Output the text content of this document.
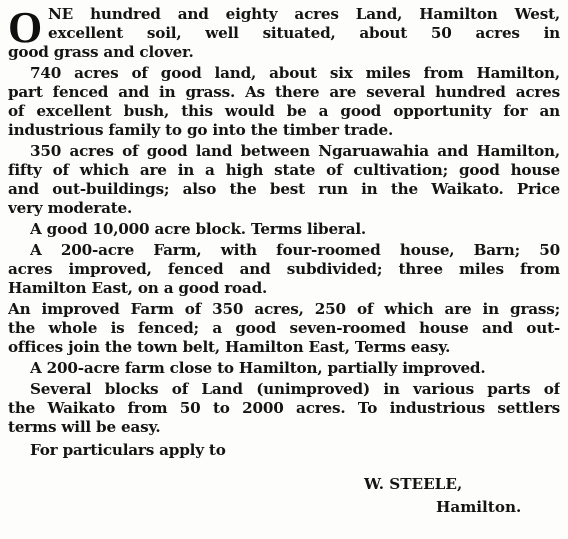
O NE hundred and eighty acres Land, Hamilton West,
excellent soil, well situated, about 50 acres in
good grass and clover.
740 acres of good land, about six miles from Hamilton,
part fenced and in grass. As there are several hundred acres
of excellent bush, this would be a good opportunity for an
industrious family to go into the timber trade.
350 acres of good land between Ngaruawahia and Hamilton,
fifty of which are in a high state of cultivation; good house
and out-buildings; also the best run in the Waikato. Price
very moderate.
A good 10,000 acre block. Terms liberal.
A 200-acre Farm, with four-roomed house, Barn; 50
acres improved, fenced and subdivided; three miles from
Hamilton East, on a good road.
An improved Farm of 350 acres, 250 of which are in grass;
the whole is fenced; a good seven-roomed house and out-
offices join the town belt, Hamilton East, Terms easy.
A 200-acre farm close to Hamilton, partially improved.
Several blocks of Land (unimproved) in various parts of
the Waikato from 50 to 2000 acres. To industrious settlers
terms will be easy.
For particulars apply to
W. STEELE,
Hamilton.
